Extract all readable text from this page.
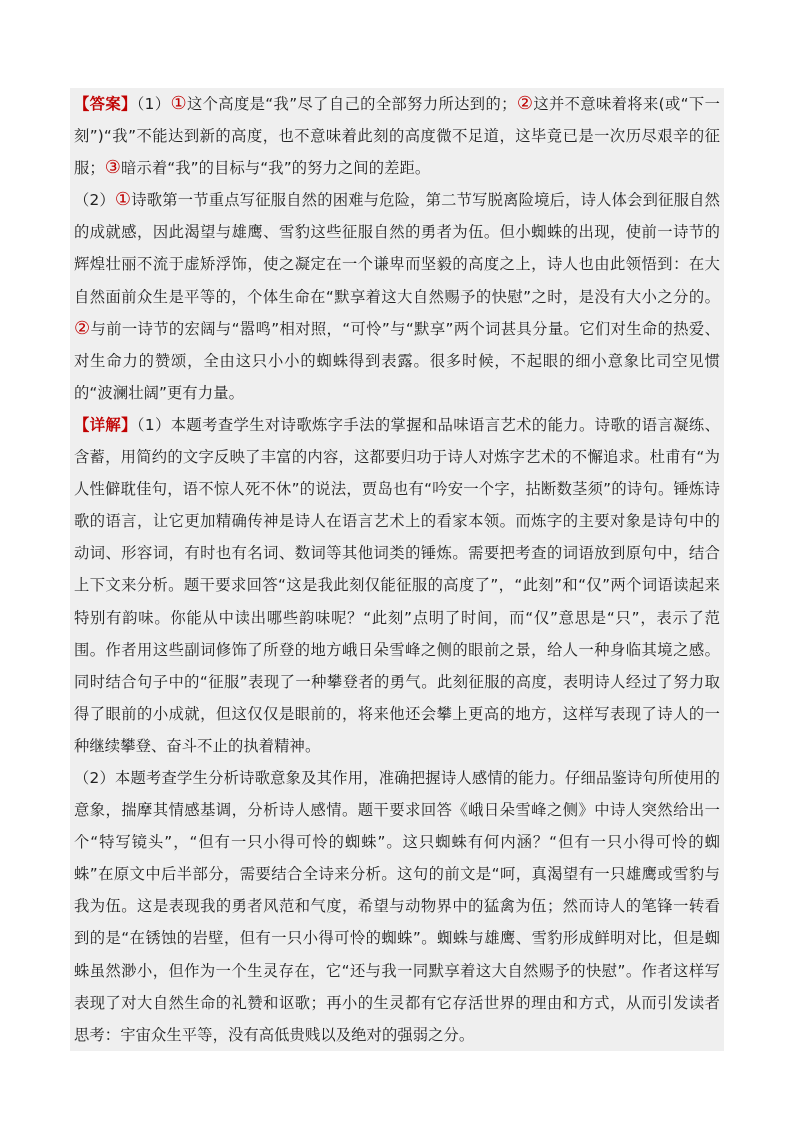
【答案】（1）①这个高度是“我”尽了自己的全部努力所达到的；②这并不意味着将来(或“下一刻”)“我”不能达到新的高度，也不意味着此刻的高度微不足道，这毕竟已是一次历尽艰辛的征服；③暗示着“我”的目标与“我”的努力之间的差距。

（2）①诗歌第一节重点写征服自然的困难与危险，第二节写脱离险境后，诗人体会到征服自然的成就感，因此渴望与雄鹰、雪豹这些征服自然的勇者为伍。但小蜘蛛的出现，使前一诗节的辉煌壮丽不流于虚矫浮饰，使之凝定在一个谦卑而坚毅的高度之上，诗人也由此领悟到：在大自然面前众生是平等的，个体生命在“默享着这大自然赐予的快慰”之时，是没有大小之分的。②与前一诗节的宏阔与“嚣鸣”相对照，“可怜”与“默享”两个词甚具分量。它们对生命的热爱、对生命力的赞颂，全由这只小小的蜘蛛得到表露。很多时候，不起眼的细小意象比司空见惯的“波澜壮阔”更有力量。

【详解】（1）本题考查学生对诗歌炼字手法的掌握和品味语言艺术的能力。诗歌的语言凝练、含蓄，用简约的文字反映了丰富的内容，这都要归功于诗人对炼字艺术的不懈追求。杜甫有“为人性僻耽佳句，语不惊人死不休”的说法，贾岛也有“吟安一个字，拈断数茎须”的诗句。锤炼诗歌的语言，让它更加精确传神是诗人在语言艺术上的看家本领。而炼字的主要对象是诗句中的动词、形容词，有时也有名词、数词等其他词类的锤炼。需要把考查的词语放到原句中，结合上下文来分析。题干要求回答“这是我此刻仅能征服的高度了”，“此刻”和“仅”两个词语读起来特别有韵味。你能从中读出哪些韵味呢？“此刻”点明了时间，而“仅”意思是“只”，表示了范围。作者用这些副词修饰了所登的地方峨日朵雪峰之侧的眼前之景，给人一种身临其境之感。同时结合句子中的“征服”表现了一种攀登者的勇气。此刻征服的高度，表明诗人经过了努力取得了眼前的小成就，但这仅仅是眼前的，将来他还会攀上更高的地方，这样写表现了诗人的一种继续攀登、奋斗不止的执着精神。

（2）本题考查学生分析诗歌意象及其作用，准确把握诗人感情的能力。仔细品鉴诗句所使用的意象，揣摩其情感基调，分析诗人感情。题干要求回答《峨日朵雪峰之侧》中诗人突然给出一个“特写镜头”，“但有一只小得可怜的蜘蛛”。这只蜘蛛有何内涵？“但有一只小得可怜的蜘蛛”在原文中后半部分，需要结合全诗来分析。这句的前文是“呵，真渴望有一只雄鹰或雪豹与我为伍。这是表现我的勇者风范和气度，希望与动物界中的猛禽为伍；然而诗人的笔锋一转看到的是“在锈蚀的岩壁，但有一只小得可怜的蜘蛛”。蜘蛛与雄鹰、雪豹形成鲜明对比，但是蜘蛛虽然渺小，但作为一个生灵存在，它“还与我一同默享着这大自然赐予的快慰”。作者这样写表现了对大自然生命的礼赞和讴歌；再小的生灵都有它存活世界的理由和方式，从而引发读者思考：宇宙众生平等，没有高低贵贱以及绝对的强弱之分。
